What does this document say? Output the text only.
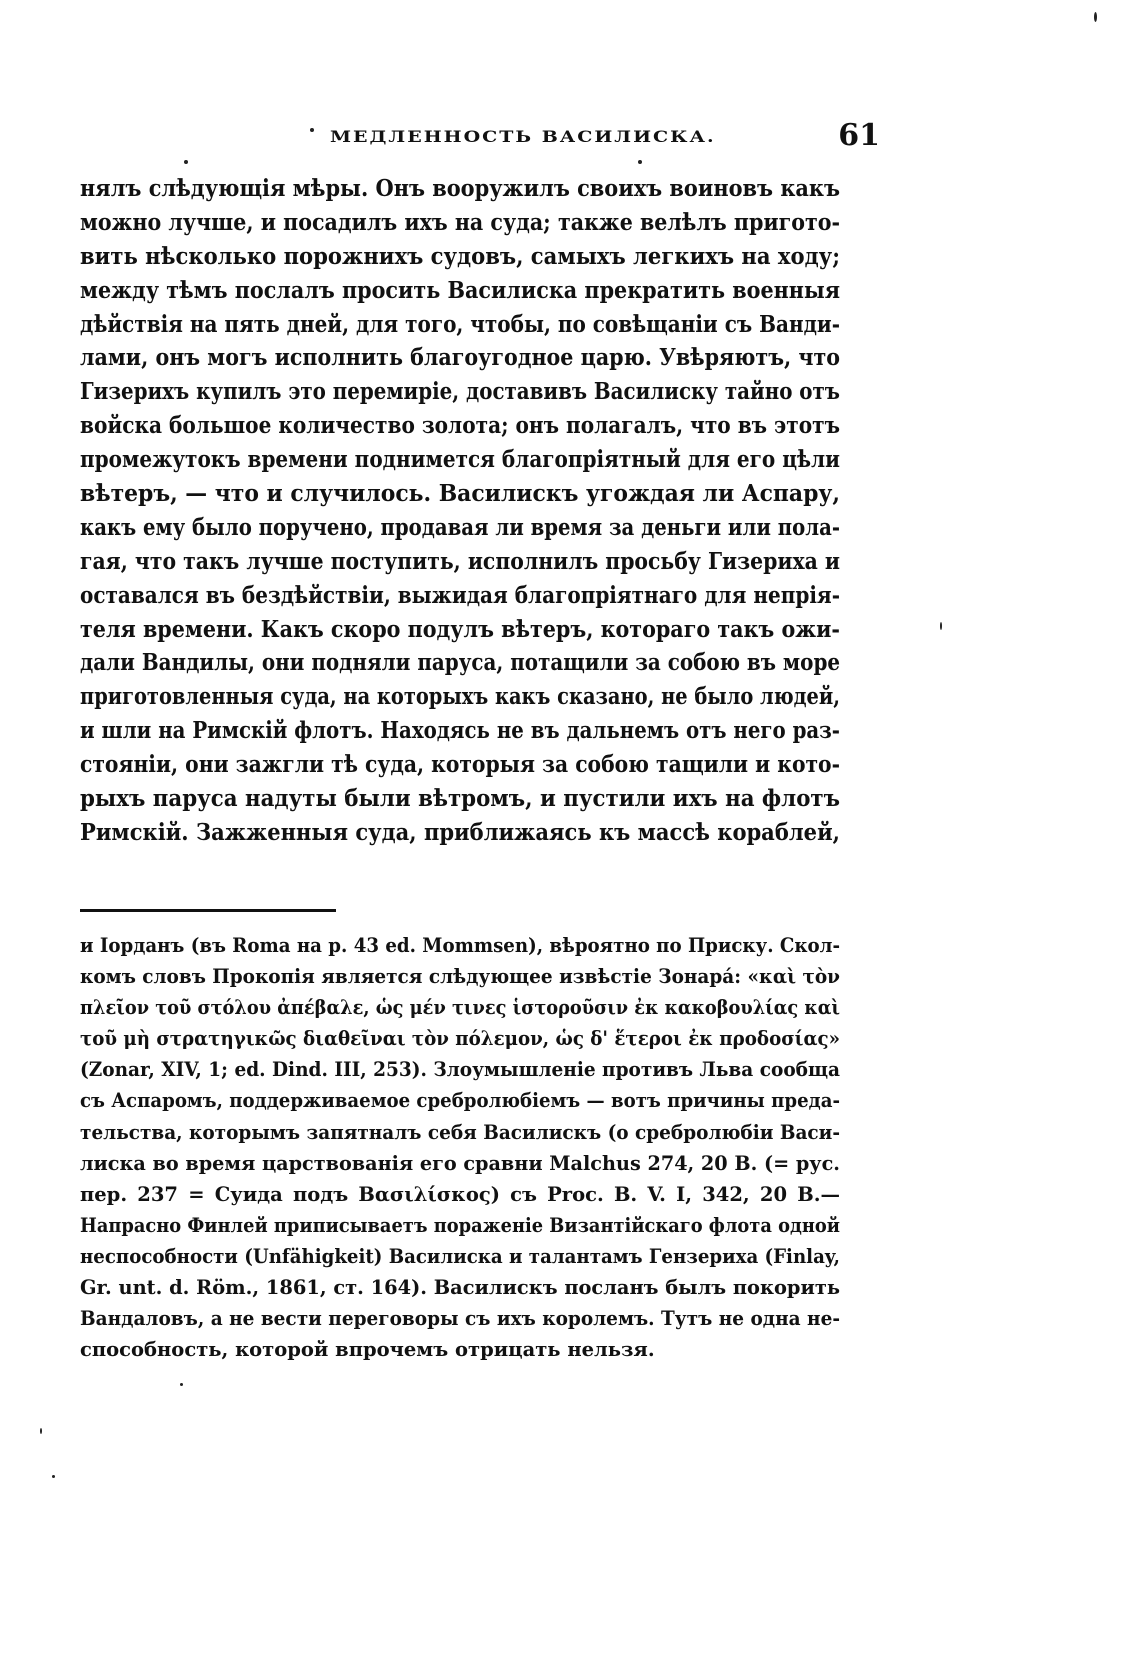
МЕДЛЕННОСТЬ ВАСИЛИСКА.	61
нялъ слѣдующія мѣры. Онъ вооружилъ своихъ воиновъ какъ
можно лучше, и посадилъ ихъ на суда; также велѣлъ пригото-
вить нѣсколько порожнихъ судовъ, самыхъ легкихъ на ходу;
между тѣмъ послалъ просить Василиска прекратить военныя
дѣйствія на пять дней, для того, чтобы, по совѣщаніи съ Ванди-
лами, онъ могъ исполнить благоугодное царю. Увѣряютъ, что
Гизерихъ купилъ это перемиріе, доставивъ Василиску тайно отъ
войска большое количество золота; онъ полагалъ, что въ этотъ
промежутокъ времени поднимется благопріятный для его цѣли
вѣтеръ, — что и случилось. Василискъ угождая ли Аспару,
какъ ему было поручено, продавая ли время за деньги или пола-
гая, что такъ лучше поступить, исполнилъ просьбу Гизериха и
оставался въ бездѣйствіи, выжидая благопріятнаго для непрія-
теля времени. Какъ скоро подулъ вѣтеръ, котораго такъ ожи-
дали Вандилы, они подняли паруса, потащили за собою въ море
приготовленныя суда, на которыхъ какъ сказано, не было людей,
и шли на Римскій флотъ. Находясь не въ дальнемъ отъ него раз-
стояніи, они зажгли тѣ суда, которыя за собою тащили и кото-
рыхъ паруса надуты были вѣтромъ, и пустили ихъ на флотъ
Римскій. Зажженныя суда, приближаясь къ массѣ кораблей,
и Iорданъ (въ Roma на p. 43 ed. Mommsen), вѣроятно по Приску. Скол-
комъ словъ Прокопія является слѣдующее извѣстіе Зонара́: «καὶ τὸν
πλεῖον τοῦ στόλου ἀπέβαλε, ὡς μέν τινες ἱστοροῦσιν ἐκ κακοβουλίας καὶ
τοῦ μὴ στρατηγικῶς διαθεῖναι τὸν πόλεμον, ὡς δ' ἕτεροι ἐκ προδοσίας»
(Zonar, XIV, 1; ed. Dind. III, 253). Злоумышленіе противъ Льва сообща
съ Аспаромъ, поддерживаемое сребролюбіемъ — вотъ причины преда-
тельства, которымъ запятналъ себя Василискъ (о сребролюбіи Васи-
лиска во время царствованія его сравни Malchus 274, 20 B. (= рус.
пер. 237 = Суида подъ Βασιλίσκος) съ Proc. B. V. I, 342, 20 B.—
Напрасно Финлей приписываетъ пораженіе Византійскаго флота одной
неспособности (Unfähigkeit) Василиска и талантамъ Гензериха (Finlay,
Gr. unt. d. Röm., 1861, ст. 164). Василискъ посланъ былъ покорить
Вандаловъ, а не вести переговоры съ ихъ королемъ. Тутъ не одна не-
способность, которой впрочемъ отрицать нельзя.
